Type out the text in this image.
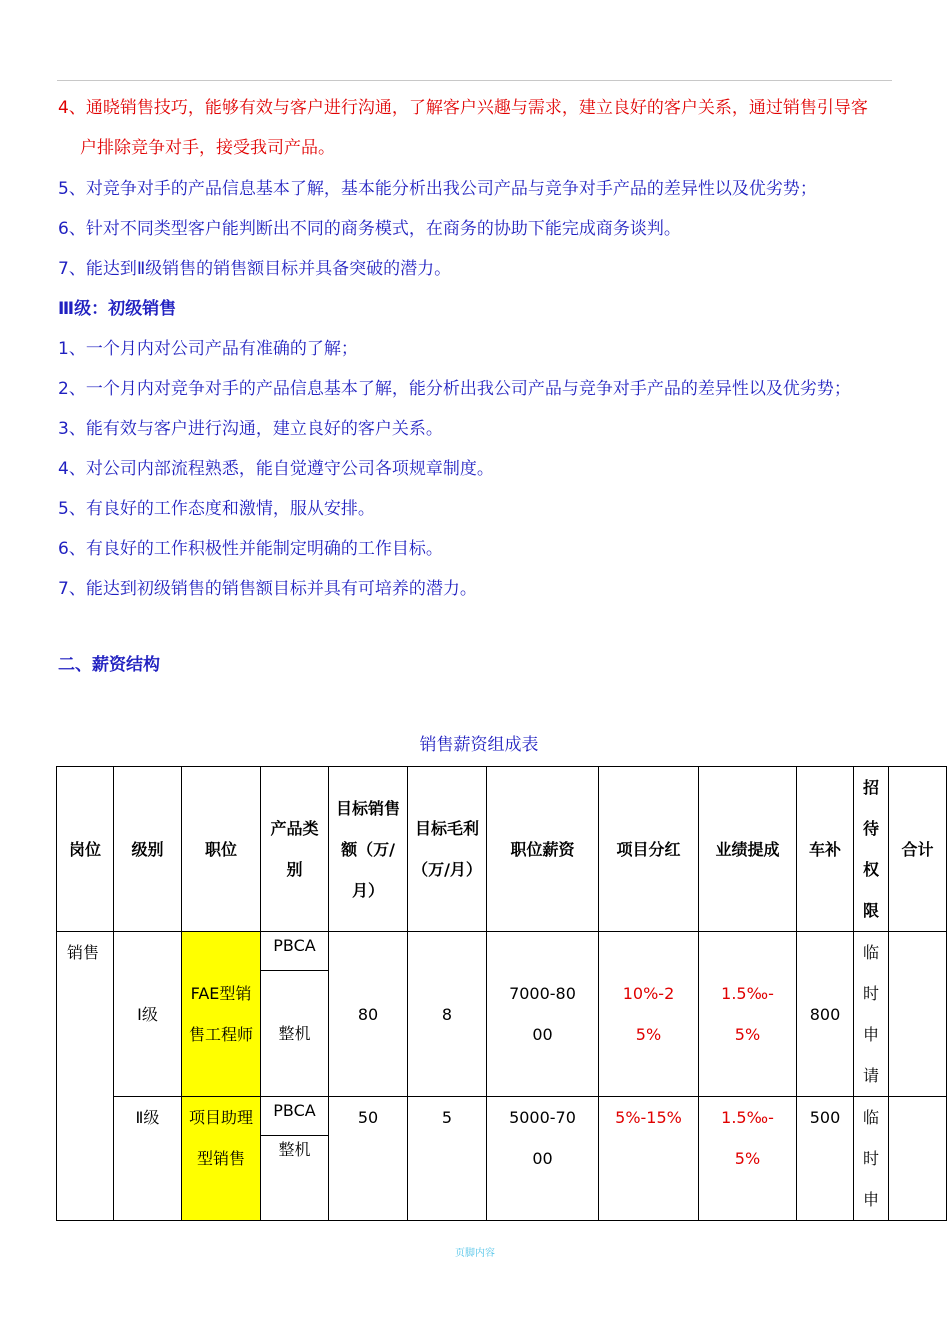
4、通晓销售技巧，能够有效与客户进行沟通，了解客户兴趣与需求，建立良好的客户关系，通过销售引导客
户排除竞争对手，接受我司产品。
5、对竞争对手的产品信息基本了解，基本能分析出我公司产品与竞争对手产品的差异性以及优劣势；
6、针对不同类型客户能判断出不同的商务模式，在商务的协助下能完成商务谈判。
7、能达到Ⅱ级销售的销售额目标并具备突破的潜力。
Ⅲ级：初级销售
1、一个月内对公司产品有准确的了解；
2、一个月内对竞争对手的产品信息基本了解，能分析出我公司产品与竞争对手产品的差异性以及优劣势；
3、能有效与客户进行沟通，建立良好的客户关系。
4、对公司内部流程熟悉，能自觉遵守公司各项规章制度。
5、有良好的工作态度和激情，服从安排。
6、有良好的工作积极性并能制定明确的工作目标。
7、能达到初级销售的销售额目标并具有可培养的潜力。
二、薪资结构
销售薪资组成表
岗位	级别	职位	产品类别	目标销售额（万/月）	目标毛利（万/月）	职位薪资	项目分红	业绩提成	车补	招待权限	合计
销售	Ⅰ级	FAE型销售工程师	PBCA	80	8	7000-8000	10%-25%	1.5‰-5%	800	临时申请	
			整机								
	Ⅱ级	项目助理型销售	PBCA	50	5	5000-7000	5%-15%	1.5‰-5%	500	临时申	
			整机								
页脚内容
